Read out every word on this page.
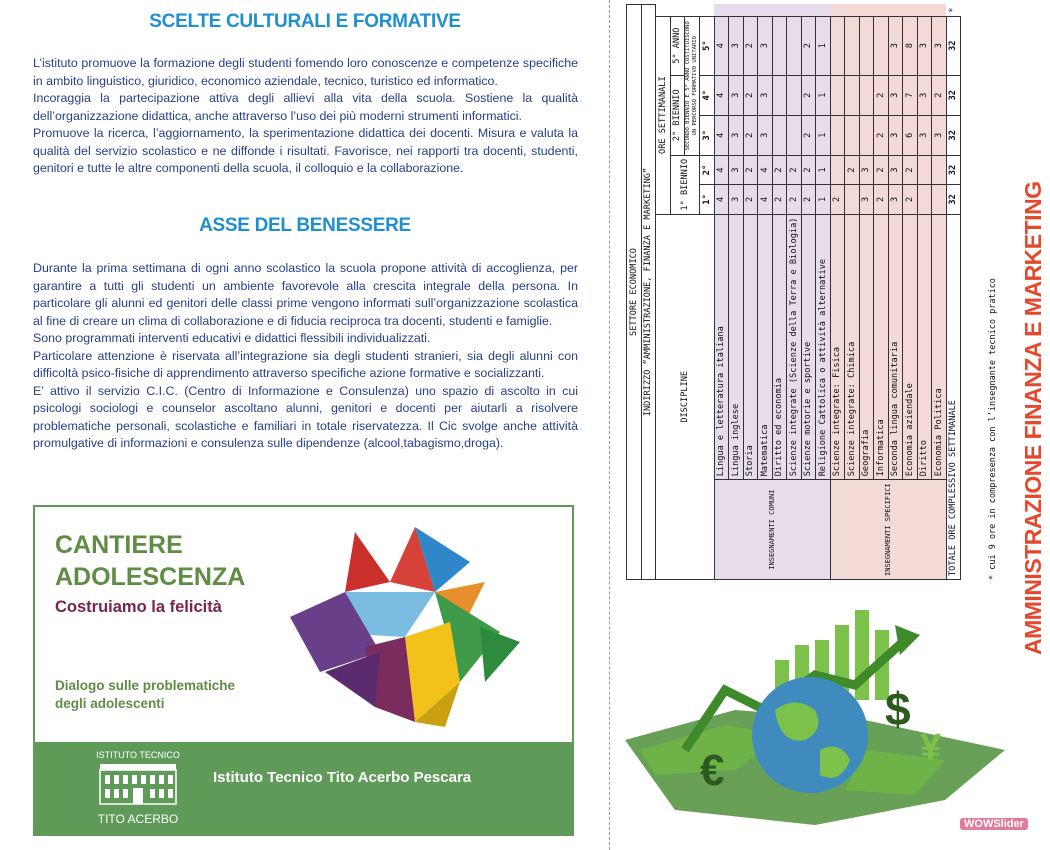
SCELTE CULTURALI E FORMATIVE

L’istituto promuove la formazione degli studenti fomendo loro conoscenze e competenze specifiche in ambito linguistico, giuridico, economico aziendale, tecnico, turistico ed informatico.

Incoraggia la partecipazione attiva degli allievi alla vita della scuola. Sostiene la qualità dell’organizzazione didattica, anche attraverso l’uso dei più moderni strumenti informatici.

Promuove la ricerca, l’aggiornamento, la sperimentazione didattica dei docenti. Misura e valuta la qualità del servizio scolastico e ne diffonde i risultati. Favorisce, nei rapporti tra docenti, studenti, genitori e tutte le altre componenti della scuola, il colloquio e la collaborazione.

ASSE DEL BENESSERE

Durante la prima settimana di ogni anno scolastico la scuola propone attività di accoglienza, per garantire a tutti gli studenti un ambiente favorevole alla crescita integrale della persona. In particolare gli alunni ed genitori delle classi prime vengono informati sull’organizzazione scolastica al fine di creare un clima di collaborazione e di fiducia reciproca tra docenti, studenti e famiglie.

Sono programmati interventi educativi e didattici flessibili individualizzati.

Particolare attenzione è riservata all’integrazione sia degli studenti stranieri, sia degli alunni con difficoltà psico-fisiche di apprendimento attraverso specifiche azione formative e socializzanti.

E’ attivo il servizio C.I.C. (Centro di Informazione e Consulenza) uno spazio di ascolto in cui psicologi sociologi e counselor ascoltano alunni, genitori e docenti per aiutarli a risolvere problematiche personali, scolastiche e familiari in totale riservatezza. Il Cic svolge anche attività promulgative di informazioni e consulenza sulle dipendenze (alcool,tabagismo,droga).

CANTIERE
ADOLESCENZA
Costruiamo la felicità
Dialogo sulle problematiche
degli adolescenti
ISTITUTO TECNICO
TITO ACERBO
Istituto Tecnico Tito Acerbo Pescara
SETTORE ECONOMICO							
INDIRIZZO “AMMINISTRAZIONE, FINANZA E MARKETING”							
DISCIPLINE		ORE SETTIMANALI					
		1° BIENNIO		2° BIENNIO		5° ANNO	
				SECONDO BIENNIO E 5° ANNO COSTITUISCONO UN PERCORSO FORMATIVO UNITARIO			
		1°	2°	3°	4°	5°	
INSEGNAMENTI COMUNI	Lingua e letteratura italiana	4	4	4	4	4	
	Lingua inglese	3	3	3	3	3	
	Storia	2	2	2	2	2	
	Matematica	4	4	3	3	3	
	Diritto ed economia	2	2				
	Scienze integrate (Scienze della Terra e Biologia)	2	2				
	Scienze motorie e sportive	2	2	2	2	2	
	Religione Cattolica o attività alternative	1	1	1	1	1	
INSEGNAMENTI SPECIFICI	Scienze integrate: Fisica	2					
	Scienze integrate: Chimica		2				
	Geografia	3	3				
	Informatica	2	2	2	2		
	Seconda lingua comunitaria	3	3	3	3	3	
	Economia aziendale	2	2	6	7	8	
	Diritto			3	3	3	
	Economia Politica			3	2	3	
TOTALE ORE COMPLESSIVO SETTIMANALE		32	32	32	32	32	*
* cui 9 ore in compresenza con l’insegnante tecnico pratico AMMINISTRAZIONE FINANZA E MARKETING
$
¥
€
WOWSlider
